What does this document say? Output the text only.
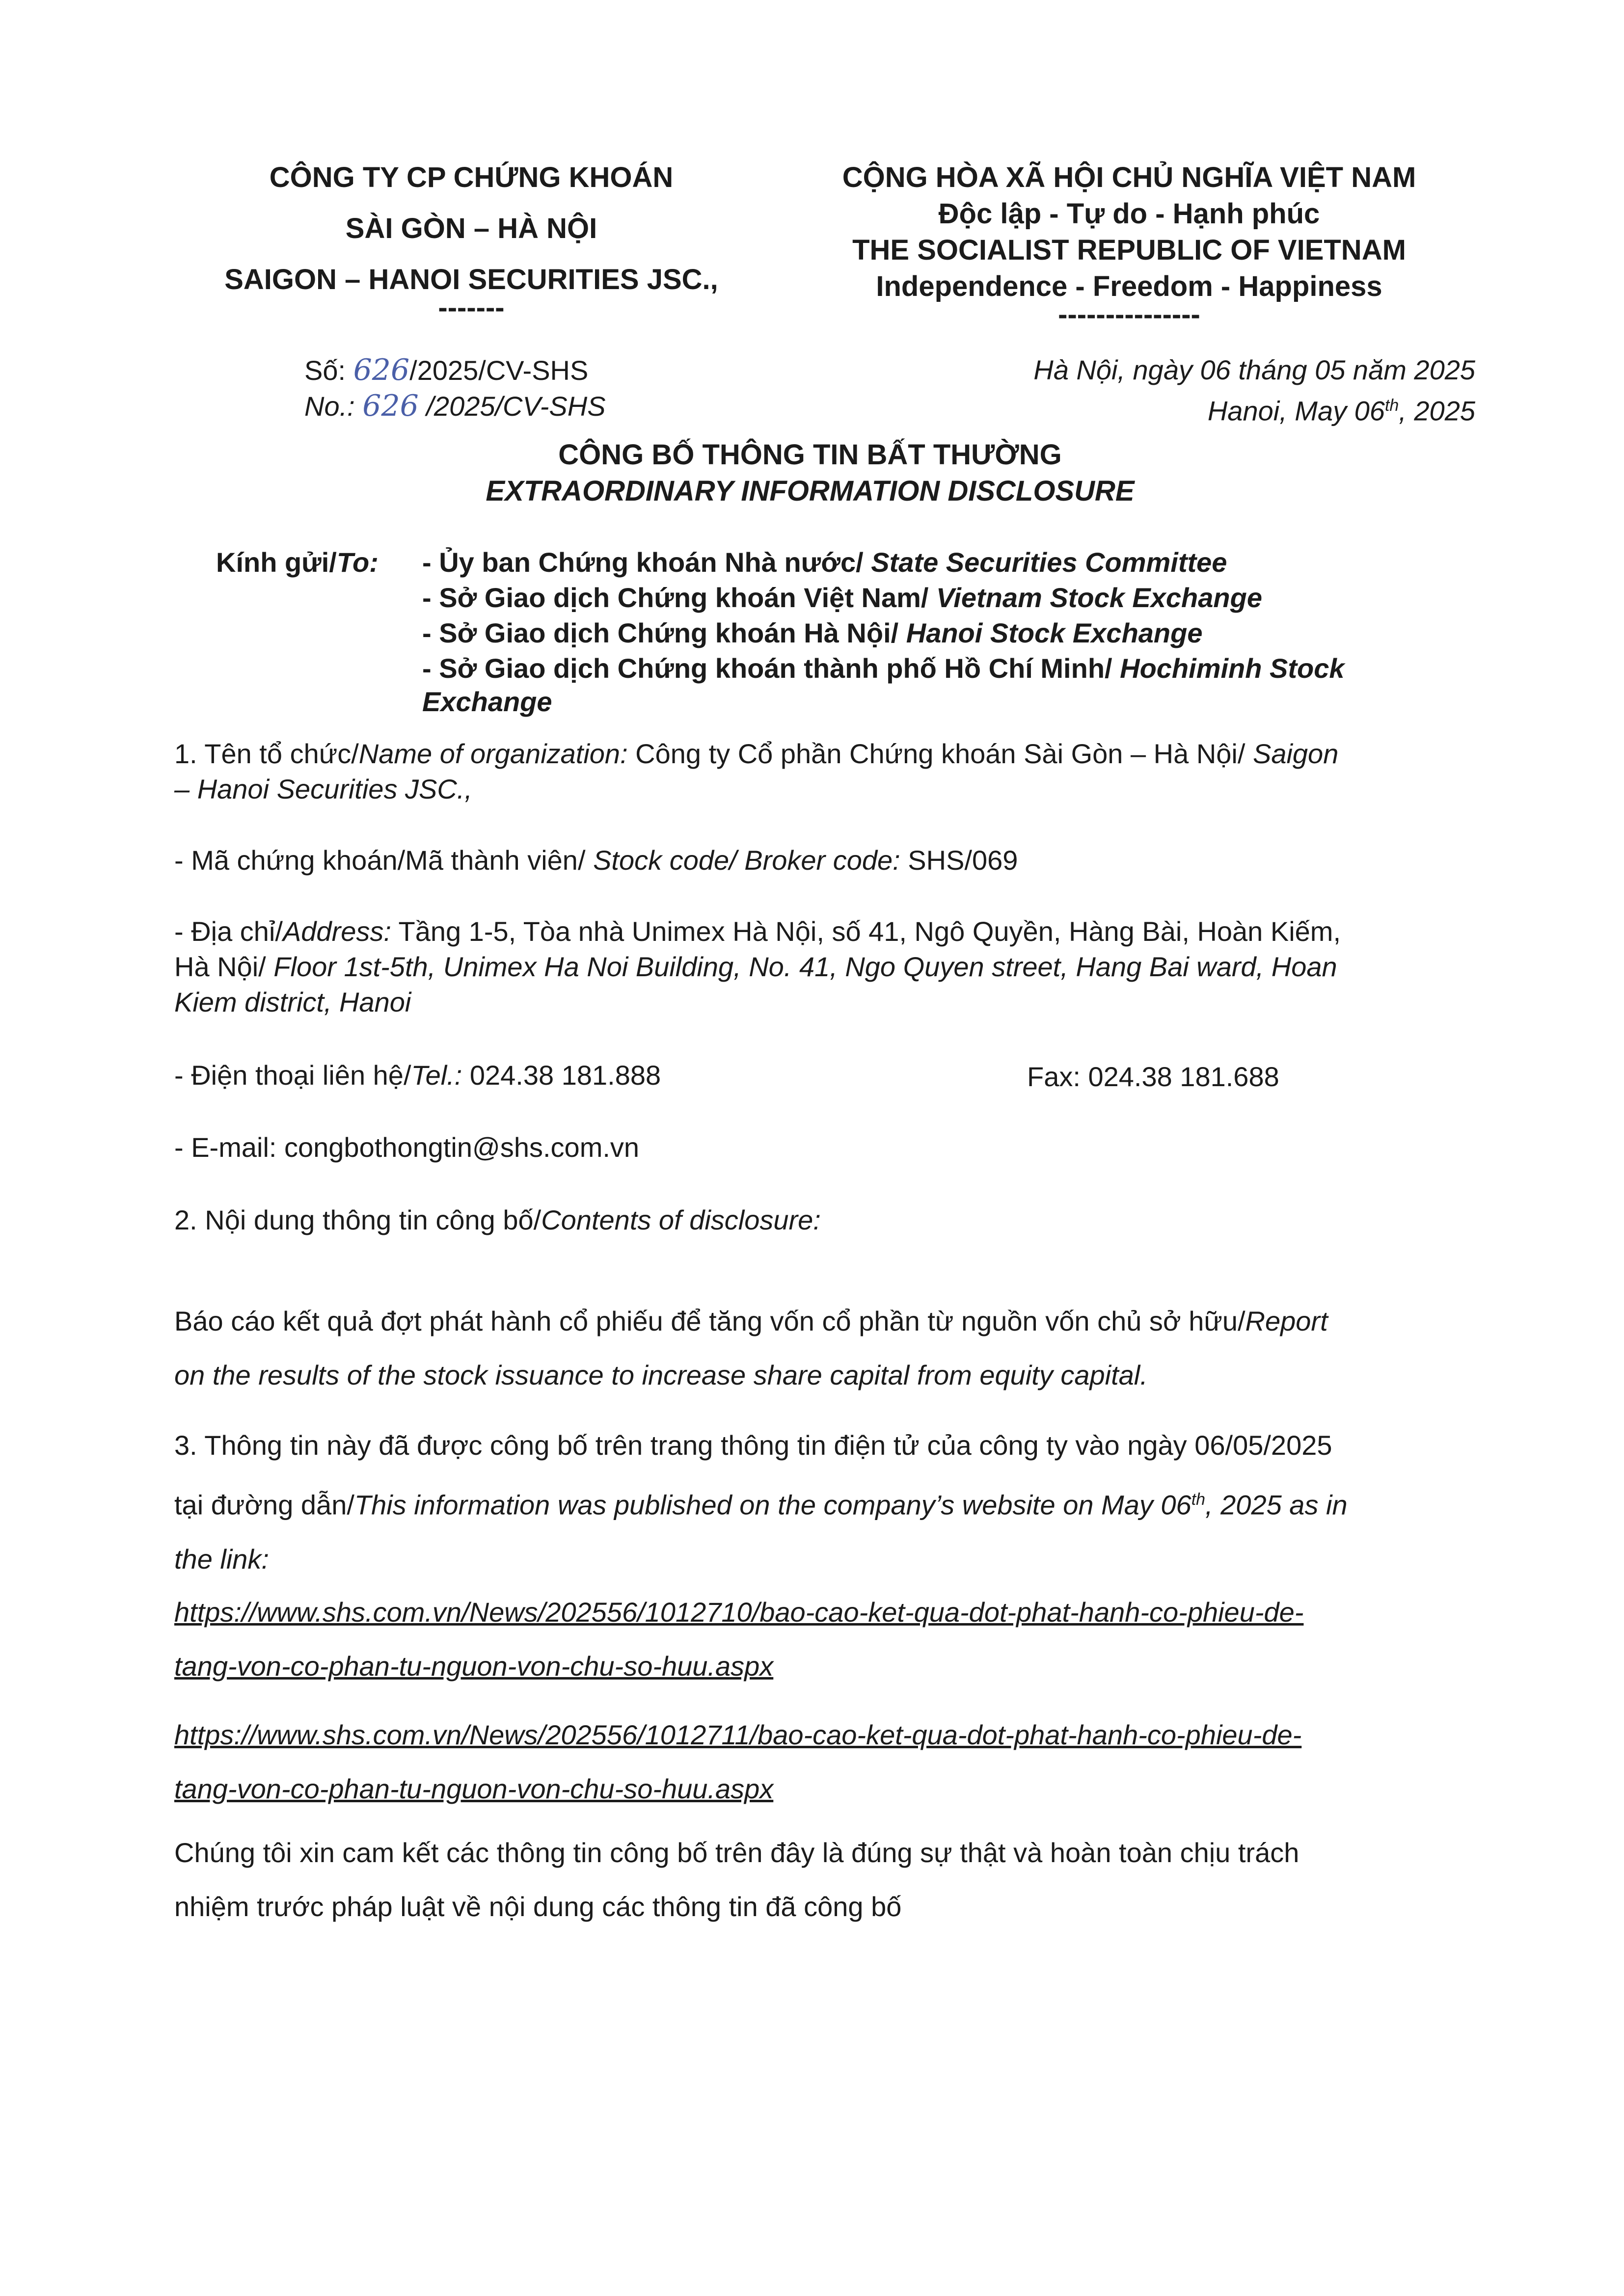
CÔNG TY CP CHỨNG KHOÁN
SÀI GÒN – HÀ NỘI
SAIGON – HANOI SECURITIES JSC.,
-------
CỘNG HÒA XÃ HỘI CHỦ NGHĨA VIỆT NAM
Độc lập - Tự do - Hạnh phúc
THE SOCIALIST REPUBLIC OF VIETNAM
Independence - Freedom - Happiness
---------------
Số: 626/2025/CV-SHS
No.: 626 /2025/CV-SHS
Hà Nội, ngày 06 tháng 05 năm 2025
Hanoi, May 06th, 2025
CÔNG BỐ THÔNG TIN BẤT THƯỜNG
EXTRAORDINARY INFORMATION DISCLOSURE
Kính gửi/To: - Ủy ban Chứng khoán Nhà nước/ State Securities Committee
- Sở Giao dịch Chứng khoán Việt Nam/ Vietnam Stock Exchange
- Sở Giao dịch Chứng khoán Hà Nội/ Hanoi Stock Exchange
- Sở Giao dịch Chứng khoán thành phố Hồ Chí Minh/ Hochiminh Stock
Exchange
1. Tên tổ chức/Name of organization: Công ty Cổ phần Chứng khoán Sài Gòn – Hà Nội/ Saigon
– Hanoi Securities JSC.,
- Mã chứng khoán/Mã thành viên/ Stock code/ Broker code: SHS/069
- Địa chỉ/Address: Tầng 1-5, Tòa nhà Unimex Hà Nội, số 41, Ngô Quyền, Hàng Bài, Hoàn Kiếm,
Hà Nội/ Floor 1st-5th, Unimex Ha Noi Building, No. 41, Ngo Quyen street, Hang Bai ward, Hoan
Kiem district, Hanoi
- Điện thoại liên hệ/Tel.: 024.38 181.888	Fax: 024.38 181.688
- E-mail: congbothongtin@shs.com.vn
2. Nội dung thông tin công bố/Contents of disclosure:
Báo cáo kết quả đợt phát hành cổ phiếu để tăng vốn cổ phần từ nguồn vốn chủ sở hữu/Report
on the results of the stock issuance to increase share capital from equity capital.
3. Thông tin này đã được công bố trên trang thông tin điện tử của công ty vào ngày 06/05/2025
tại đường dẫn/This information was published on the company’s website on May 06th, 2025 as in
the link:
https://www.shs.com.vn/News/202556/1012710/bao-cao-ket-qua-dot-phat-hanh-co-phieu-de-
tang-von-co-phan-tu-nguon-von-chu-so-huu.aspx
https://www.shs.com.vn/News/202556/1012711/bao-cao-ket-qua-dot-phat-hanh-co-phieu-de-
tang-von-co-phan-tu-nguon-von-chu-so-huu.aspx
Chúng tôi xin cam kết các thông tin công bố trên đây là đúng sự thật và hoàn toàn chịu trách
nhiệm trước pháp luật về nội dung các thông tin đã công bố
